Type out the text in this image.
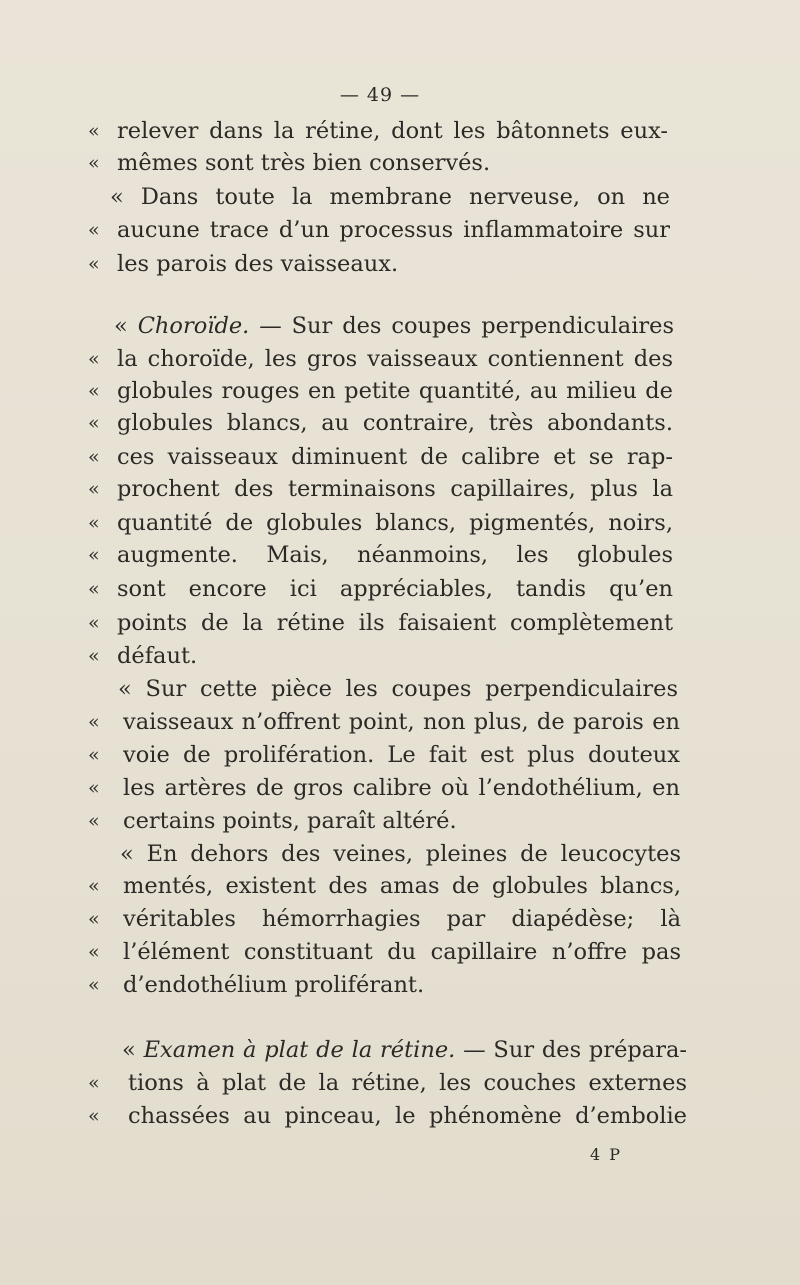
— 49 —
« relever dans la rétine, dont les bâtonnets eux-
« mêmes sont très bien conservés.
« Dans toute la membrane nerveuse, on ne
« aucune trace d’un processus inflammatoire sur
« les parois des vaisseaux.
« Choroïde. — Sur des coupes perpendiculaires
« la choroïde, les gros vaisseaux contiennent des
« globules rouges en petite quantité, au milieu de
« globules blancs, au contraire, très abondants.
« ces vaisseaux diminuent de calibre et se rap-
« prochent des terminaisons capillaires, plus la
« quantité de globules blancs, pigmentés, noirs,
« augmente. Mais, néanmoins, les globules
« sont encore ici appréciables, tandis qu’en
« points de la rétine ils faisaient complètement
« défaut.
« Sur cette pièce les coupes perpendiculaires
« vaisseaux n’offrent point, non plus, de parois en
« voie de prolifération. Le fait est plus douteux
« les artères de gros calibre où l’endothélium, en
« certains points, paraît altéré.
« En dehors des veines, pleines de leucocytes
« mentés, existent des amas de globules blancs,
« véritables hémorrhagies par diapédèse; là
« l’élément constituant du capillaire n’offre pas
« d’endothélium proliférant.
« Examen à plat de la rétine. — Sur des prépara-
« tions à plat de la rétine, les couches externes
« chassées au pinceau, le phénomène d’embolie
4 P
